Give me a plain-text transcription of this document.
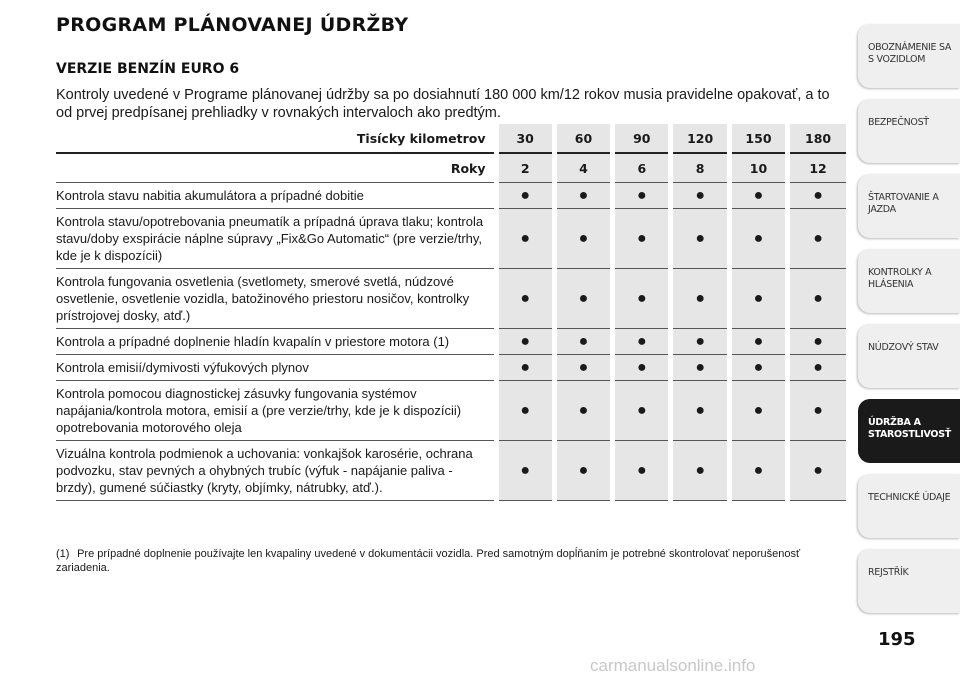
PROGRAM PLÁNOVANEJ ÚDRŽBY
VERZIE BENZÍN EURO 6

Kontroly uvedené v Programe plánovanej údržby sa po dosiahnutí 180 000 km/12 rokov musia pravidelne opakovať, a to od prvej predpísanej prehliadky v rovnakých intervaloch ako predtým.

Tisícky kilometrov	30	60	90	120	150	180
Roky	2	4	6	8	10	12
Kontrola stavu nabitia akumulátora a prípadné dobitie	●	●	●	●	●	●
Kontrola stavu/opotrebovania pneumatík a prípadná úprava tlaku; kontrola stavu/doby exspirácie náplne súpravy „Fix&Go Automatic“ (pre verzie/trhy, kde je k dispozícii)	●	●	●	●	●	●
Kontrola fungovania osvetlenia (svetlomety, smerové svetlá, núdzové osvetlenie, osvetlenie vozidla, batožinového priestoru nosičov, kontrolky prístrojovej dosky, atď.)	●	●	●	●	●	●
Kontrola a prípadné doplnenie hladín kvapalín v priestore motora (1)	●	●	●	●	●	●
Kontrola emisií/dymivosti výfukových plynov	●	●	●	●	●	●
Kontrola pomocou diagnostickej zásuvky fungovania systémov napájania/kontrola motora, emisií a (pre verzie/trhy, kde je k dispozícii) opotrebovania motorového oleja	●	●	●	●	●	●
Vizuálna kontrola podmienok a uchovania: vonkajšok karosérie, ochrana podvozku, stav pevných a ohybných trubíc (výfuk - napájanie paliva - brzdy), gumené súčiastky (kryty, objímky, nátrubky, atď.).	●	●	●	●	●	●

(1) Pre prípadné doplnenie používajte len kvapaliny uvedené v dokumentácii vozidla. Pred samotným dopĺňaním je potrebné skontrolovať neporušenosť zariadenia.

OBOZNÁMENIE SA S VOZIDLOM
BEZPEČNOSŤ
ŠTARTOVANIE A JAZDA
KONTROLKY A HLÁSENIA
NÚDZOVÝ STAV
ÚDRŽBA A STAROSTLIVOSŤ
TECHNICKÉ ÚDAJE
REJSTŘÍK
195
carmanualsonline.info
